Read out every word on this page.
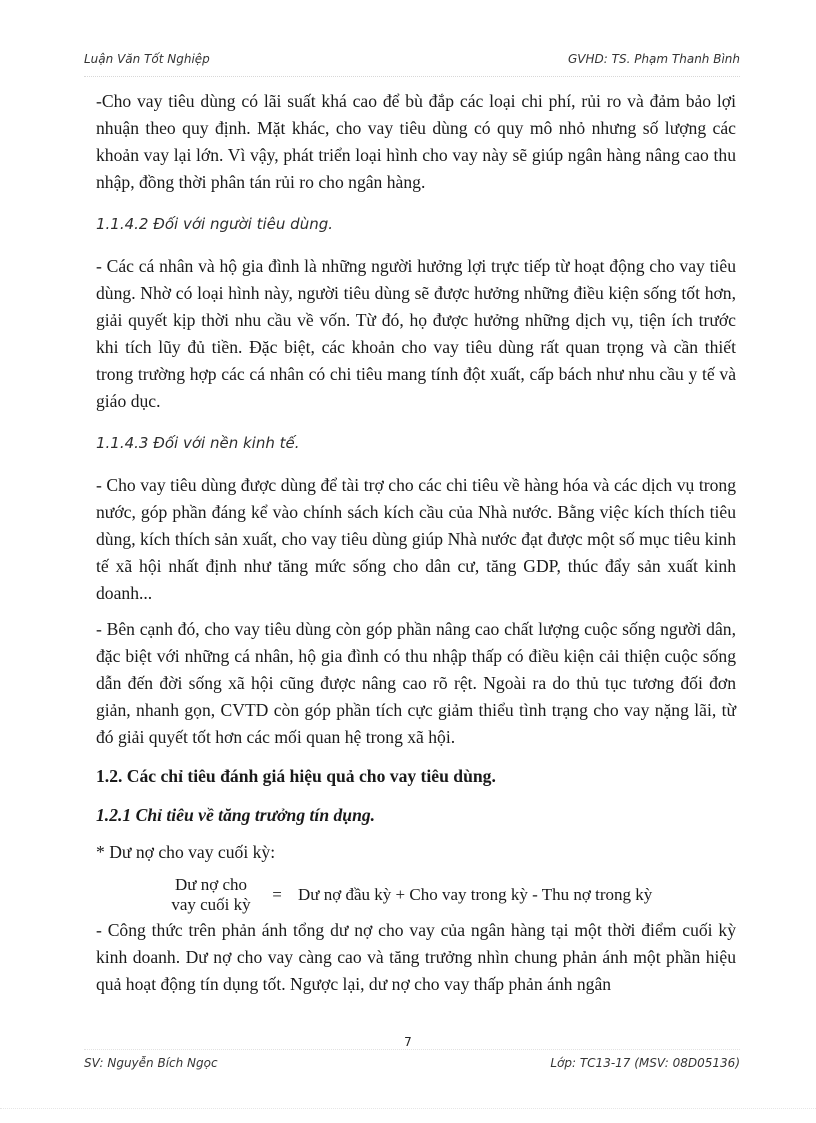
Luận Văn Tốt Nghiệp	GVHD: TS. Phạm Thanh Bình

-Cho vay tiêu dùng có lãi suất khá cao để bù đắp các loại chi phí, rủi ro và đảm bảo lợi nhuận theo quy định. Mặt khác, cho vay tiêu dùng có quy mô nhỏ nhưng số lượng các khoản vay lại lớn. Vì vậy, phát triển loại hình cho vay này sẽ giúp ngân hàng nâng cao thu nhập, đồng thời phân tán rủi ro cho ngân hàng.

1.1.4.2 Đối với người tiêu dùng.

- Các cá nhân và hộ gia đình là những người hưởng lợi trực tiếp từ hoạt động cho vay tiêu dùng. Nhờ có loại hình này, người tiêu dùng sẽ được hưởng những điều kiện sống tốt hơn, giải quyết kịp thời nhu cầu về vốn. Từ đó, họ được hưởng những dịch vụ, tiện ích trước khi tích lũy đủ tiền. Đặc biệt, các khoản cho vay tiêu dùng rất quan trọng và cần thiết trong trường hợp các cá nhân có chi tiêu mang tính đột xuất, cấp bách như nhu cầu y tế và giáo dục.

1.1.4.3 Đối với nền kinh tế.

- Cho vay tiêu dùng được dùng để tài trợ cho các chi tiêu về hàng hóa và các dịch vụ trong nước, góp phần đáng kể vào chính sách kích cầu của Nhà nước. Bằng việc kích thích tiêu dùng, kích thích sản xuất, cho vay tiêu dùng giúp Nhà nước đạt được một số mục tiêu kinh tế xã hội nhất định như tăng mức sống cho dân cư, tăng GDP, thúc đẩy sản xuất kinh doanh...

- Bên cạnh đó, cho vay tiêu dùng còn góp phần nâng cao chất lượng cuộc sống người dân, đặc biệt với những cá nhân, hộ gia đình có thu nhập thấp có điều kiện cải thiện cuộc sống dẫn đến đời sống xã hội cũng được nâng cao rõ rệt. Ngoài ra do thủ tục tương đối đơn giản, nhanh gọn, CVTD còn góp phần tích cực giảm thiểu tình trạng cho vay nặng lãi, từ đó giải quyết tốt hơn các mối quan hệ trong xã hội.

1.2. Các chỉ tiêu đánh giá hiệu quả cho vay tiêu dùng.

1.2.1 Chỉ tiêu về tăng trưởng tín dụng.

* Dư nợ cho vay cuối kỳ:

Dư nợ cho
vay cuối kỳ
= Dư nợ đầu kỳ + Cho vay trong kỳ - Thu nợ trong kỳ

- Công thức trên phản ánh tổng dư nợ cho vay của ngân hàng tại một thời điểm cuối kỳ kinh doanh. Dư nợ cho vay càng cao và tăng trưởng nhìn chung phản ánh một phần hiệu quả hoạt động tín dụng tốt. Ngược lại, dư nợ cho vay thấp phản ánh ngân

7
SV: Nguyễn Bích Ngọc	Lớp: TC13-17 (MSV: 08D05136)
